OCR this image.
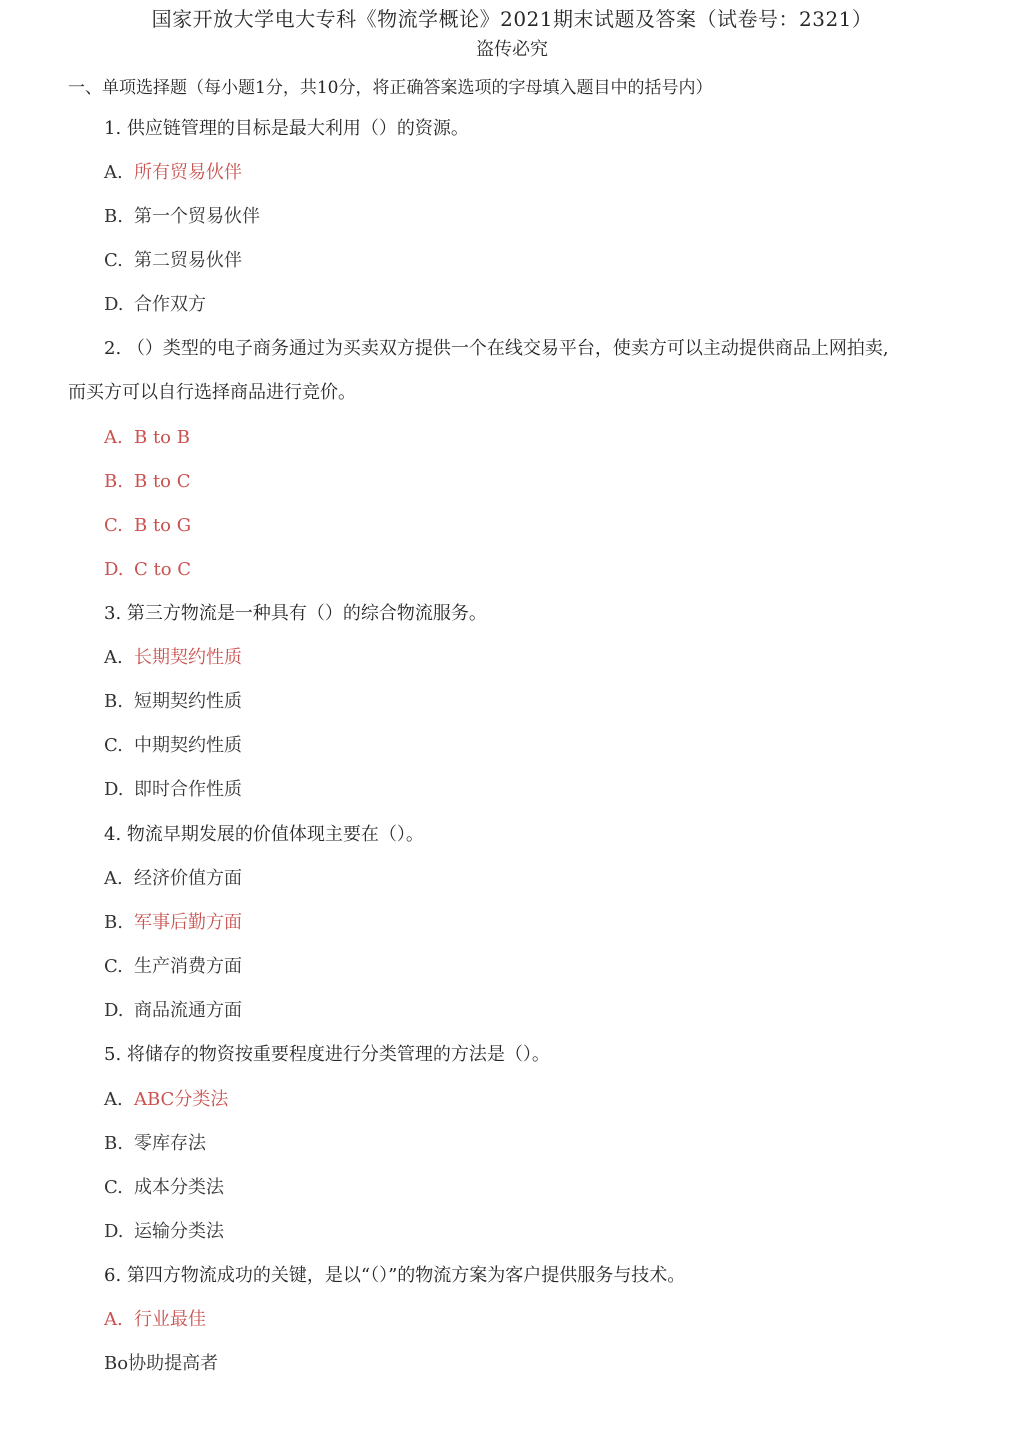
国家开放大学电大专科《物流学概论》2021期末试题及答案（试卷号：2321）
盗传必究
一、单项选择题（每小题1分，共10分，将正确答案选项的字母填入题目中的括号内）
1. 供应链管理的目标是最大利用（）的资源。
A. 所有贸易伙伴
B. 第一个贸易伙伴
C. 第二贸易伙伴
D. 合作双方
2. （）类型的电子商务通过为买卖双方提供一个在线交易平台，使卖方可以主动提供商品上网拍卖,
而买方可以自行选择商品进行竞价。
A. B to B
B. B to C
C. B to G
D. C to C
3. 第三方物流是一种具有（）的综合物流服务。
A. 长期契约性质
B. 短期契约性质
C. 中期契约性质
D. 即时合作性质
4. 物流早期发展的价值体现主要在（）。
A. 经济价值方面
B. 军事后勤方面
C. 生产消费方面
D. 商品流通方面
5. 将储存的物资按重要程度进行分类管理的方法是（）。
A. ABC分类法
B. 零库存法
C. 成本分类法
D. 运输分类法
6. 第四方物流成功的关键，是以“（）”的物流方案为客户提供服务与技术。
A. 行业最佳
Bo协助提高者
